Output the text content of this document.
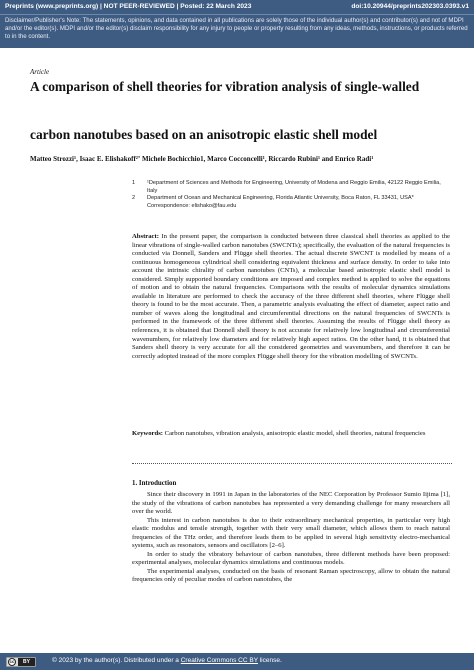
Preprints (www.preprints.org) | NOT PEER-REVIEWED | Posted: 22 March 2023	doi:10.20944/preprints202303.0393.v1
Disclaimer/Publisher's Note: The statements, opinions, and data contained in all publications are solely those of the individual author(s) and contributor(s) and not of MDPI and/or the editor(s). MDPI and/or the editor(s) disclaim responsibility for any injury to people or property resulting from any ideas, methods, instructions, or products referred to in the content.
Article
A comparison of shell theories for vibration analysis of single-walled
carbon nanotubes based on an anisotropic elastic shell model
Matteo Strozzi¹, Isaac E. Elishakoff²ʼ Michele Bochicchio1, Marco Cocconcelli¹, Riccardo Rubini¹ and Enrico Radi¹
1 ¹Department of Sciences and Methods for Engineering, University of Modena and Reggio Emilia, 42122 Reggio Emilia, Italy
2 Department of Ocean and Mechanical Engineering, Florida Atlantic University, Boca Raton, FL 33431, USA*
Correspondence: elishako@fau.edu
Abstract: In the present paper, the comparison is conducted between three classical shell theories as applied to the linear vibrations of single-walled carbon nanotubes (SWCNTs); specifically, the evaluation of the natural frequencies is conducted via Donnell, Sanders and Flügge shell theories. The actual discrete SWCNT is modelled by means of a continuous homogeneous cylindrical shell considering equivalent thickness and surface density. In order to take into account the intrinsic chirality of carbon nanotubes (CNTs), a molecular based anisotropic elastic shell model is considered. Simply supported boundary conditions are imposed and complex method is applied to solve the equations of motion and to obtain the natural frequencies. Comparisons with the results of molecular dynamics simulations available in literature are performed to check the accuracy of the three different shell theories, where Flügge shell theory is found to be the most accurate. Then, a parametric analysis evaluating the effect of diameter, aspect ratio and number of waves along the longitudinal and circumferential directions on the natural frequencies of SWCNTs is performed in the framework of the three different shell theories. Assuming the results of Flügge shell theory as references, it is obtained that Donnell shell theory is not accurate for relatively low longitudinal and circumferential wavenumbers, for relatively low diameters and for relatively high aspect ratios. On the other hand, it is obtained that Sanders shell theory is very accurate for all the considered geometries and wavenumbers, and therefore it can be correctly adopted instead of the more complex Flügge shell theory for the vibration modelling of SWCNTs.
Keywords: Carbon nanotubes, vibration analysis, anisotropic elastic model, shell theories, natural frequencies
1. Introduction

Since their discovery in 1991 in Japan in the laboratories of the NEC Corporation by Professor Sumio Iijima [1], the study of the vibrations of carbon nanotubes has represented a very demanding challenge for many researchers all over the world.

This interest in carbon nanotubes is due to their extraordinary mechanical properties, in particular very high elastic modulus and tensile strength, together with their very small diameter, which allows them to reach natural frequencies of the THz order, and therefore leads them to be applied in several high sensitivity electro-mechanical systems, such as resonators, sensors and oscillators [2–6].

In order to study the vibratory behaviour of carbon nanotubes, three different methods have been proposed: experimental analyses, molecular dynamics simulations and continuous models.

The experimental analyses, conducted on the basis of resonant Raman spectroscopy, allow to obtain the natural frequencies only of peculiar modes of carbon nanotubes, the

cc	BY	© 2023 by the author(s). Distributed under a Creative Commons CC BY license.
